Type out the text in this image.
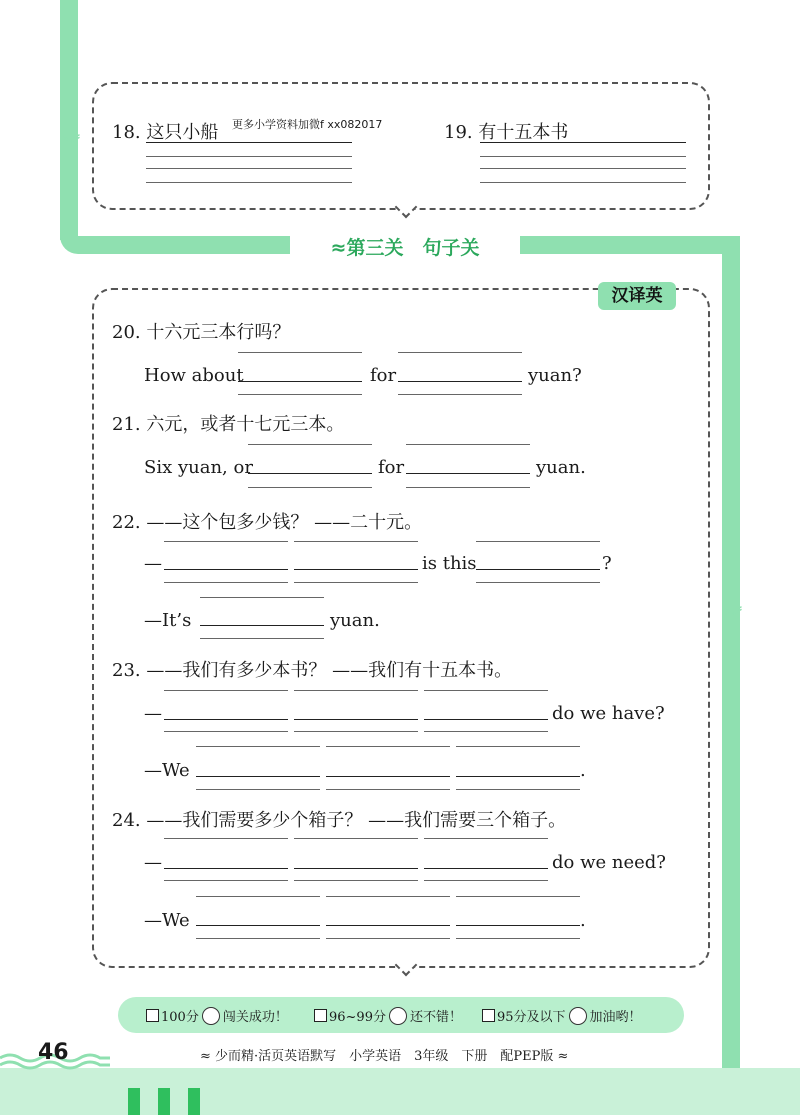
︾
︾
18. 这只小船 更多小学资料加微f xx082017	19. 有十五本书
≈第三关　句子关
汉译英
20. 十六元三本行吗？
How about	for	yuan?
21. 六元，或者十七元三本。
Six yuan, or	for	yuan.
22. ——这个包多少钱？ ——二十元。
—	is this	?
—It’s	yuan.
23. ——我们有多少本书？ ——我们有十五本书。
—	do we have?
—We	.
24. ——我们需要多少个箱子？ ——我们需要三个箱子。
—	do we need?
—We	.
100分 闯关成功！	96~99分 还不错！	95分及以下 加油哟！
46	≈ 少而精·活页英语默写　小学英语　3年级　下册　配PEP版 ≈
